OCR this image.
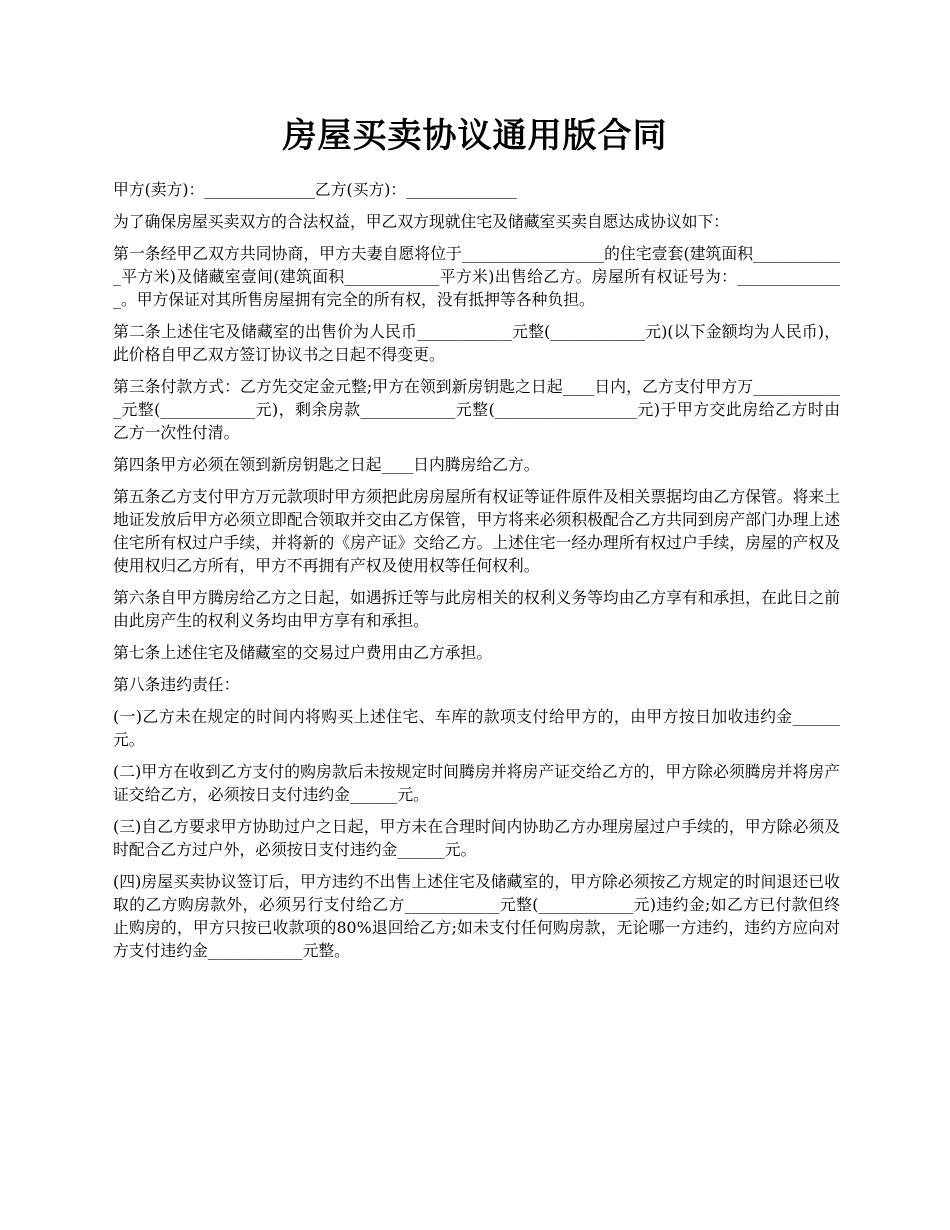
房屋买卖协议通用版合同

甲方(卖方)：______________乙方(买方)：______________

为了确保房屋买卖双方的合法权益，甲乙双方现就住宅及储藏室买卖自愿达成协议如下：

第一条经甲乙双方共同协商，甲方夫妻自愿将位于__________________的住宅壹套(建筑面积____________平方米)及储藏室壹间(建筑面积____________平方米)出售给乙方。房屋所有权证号为：______________。甲方保证对其所售房屋拥有完全的所有权，没有抵押等各种负担。

第二条上述住宅及储藏室的出售价为人民币____________元整(____________元)(以下金额均为人民币)，此价格自甲乙双方签订协议书之日起不得变更。

第三条付款方式：乙方先交定金元整;甲方在领到新房钥匙之日起____日内，乙方支付甲方万____________元整(____________元)，剩余房款____________元整(__________________元)于甲方交此房给乙方时由乙方一次性付清。

第四条甲方必须在领到新房钥匙之日起____日内腾房给乙方。

第五条乙方支付甲方万元款项时甲方须把此房房屋所有权证等证件原件及相关票据均由乙方保管。将来土地证发放后甲方必须立即配合领取并交由乙方保管，甲方将来必须积极配合乙方共同到房产部门办理上述住宅所有权过户手续，并将新的《房产证》交给乙方。上述住宅一经办理所有权过户手续，房屋的产权及使用权归乙方所有，甲方不再拥有产权及使用权等任何权利。

第六条自甲方腾房给乙方之日起，如遇拆迁等与此房相关的权利义务等均由乙方享有和承担，在此日之前由此房产生的权利义务均由甲方享有和承担。

第七条上述住宅及储藏室的交易过户费用由乙方承担。

第八条违约责任：

(一)乙方未在规定的时间内将购买上述住宅、车库的款项支付给甲方的，由甲方按日加收违约金______元。

(二)甲方在收到乙方支付的购房款后未按规定时间腾房并将房产证交给乙方的，甲方除必须腾房并将房产证交给乙方，必须按日支付违约金______元。

(三)自乙方要求甲方协助过户之日起，甲方未在合理时间内协助乙方办理房屋过户手续的，甲方除必须及时配合乙方过户外，必须按日支付违约金______元。

(四)房屋买卖协议签订后，甲方违约不出售上述住宅及储藏室的，甲方除必须按乙方规定的时间退还已收取的乙方购房款外，必须另行支付给乙方____________元整(____________元)违约金;如乙方已付款但终止购房的，甲方只按已收款项的80%退回给乙方;如未支付任何购房款，无论哪一方违约，违约方应向对方支付违约金____________元整。
